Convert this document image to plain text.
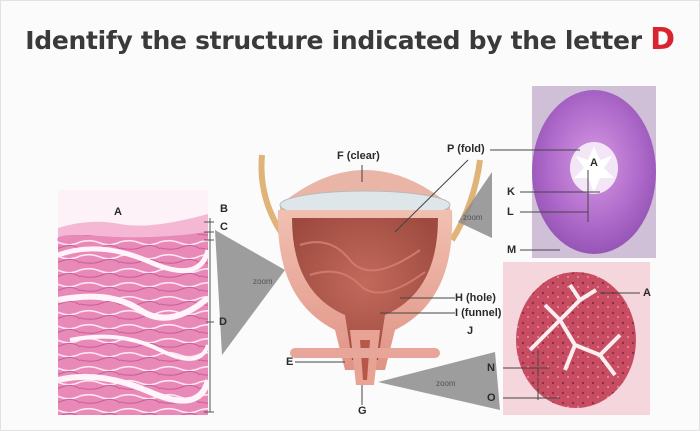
Identify the structure indicated by the letter D
A	B
C
D
E
F (clear)
P (fold)
K
L
M
H (hole)
I (funnel)
J
G
N
O
A
A
zoom
zoom
zoom
